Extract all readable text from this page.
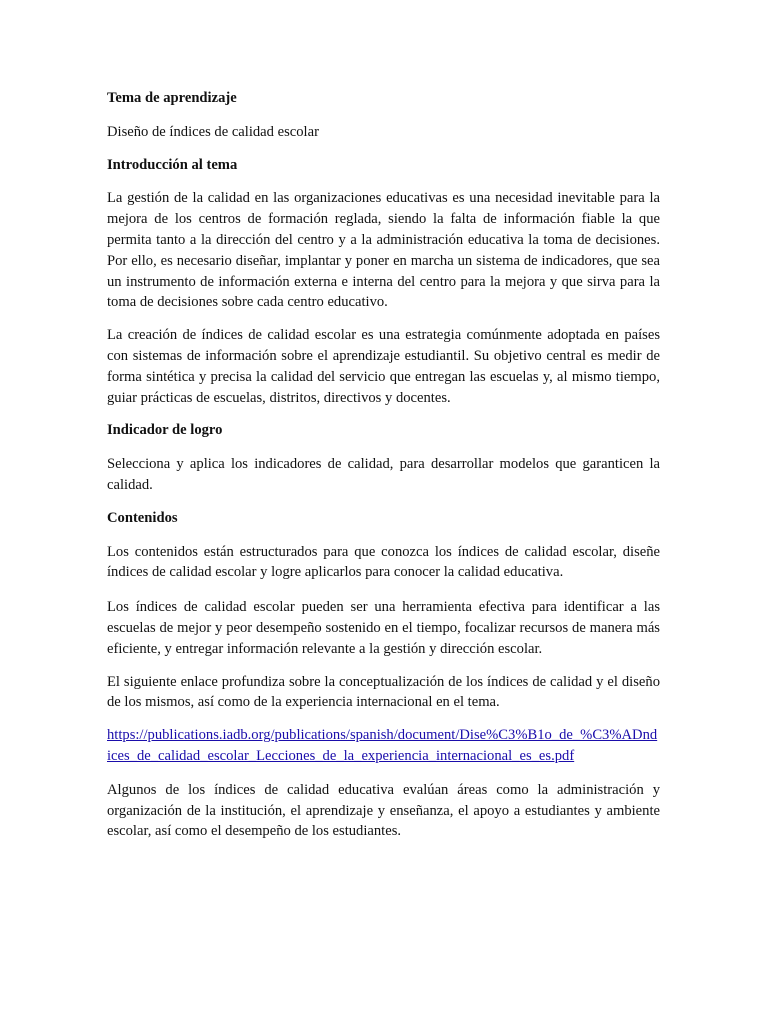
Tema de aprendizaje
Diseño de índices de calidad escolar
Introducción al tema
La gestión de la calidad en las organizaciones educativas es una necesidad inevitable para la mejora de los centros de formación reglada, siendo la falta de información fiable la que permita tanto a la dirección del centro y a la administración educativa la toma de decisiones. Por ello, es necesario diseñar, implantar y poner en marcha un sistema de indicadores, que sea un instrumento de información externa e interna del centro para la mejora y que sirva para la toma de decisiones sobre cada centro educativo.
La creación de índices de calidad escolar es una estrategia comúnmente adoptada en países con sistemas de información sobre el aprendizaje estudiantil. Su objetivo central es medir de forma sintética y precisa la calidad del servicio que entregan las escuelas y, al mismo tiempo, guiar prácticas de escuelas, distritos, directivos y docentes.
Indicador de logro
Selecciona y aplica los indicadores de calidad, para desarrollar modelos que garanticen la calidad.
Contenidos
Los contenidos están estructurados para que conozca los índices de calidad escolar, diseñe índices de calidad escolar y logre aplicarlos para conocer la calidad educativa.
Los índices de calidad escolar pueden ser una herramienta efectiva para identificar a las escuelas de mejor y peor desempeño sostenido en el tiempo, focalizar recursos de manera más eficiente, y entregar información relevante a la gestión y dirección escolar.
El siguiente enlace profundiza sobre la conceptualización de los índices de calidad y el diseño de los mismos, así como de la experiencia internacional en el tema.
https://publications.iadb.org/publications/spanish/document/Dise%C3%B1o_de_%C3%ADndices_de_calidad_escolar_Lecciones_de_la_experiencia_internacional_es_es.pdf
Algunos de los índices de calidad educativa evalúan áreas como la administración y organización de la institución, el aprendizaje y enseñanza, el apoyo a estudiantes y ambiente escolar, así como el desempeño de los estudiantes.
